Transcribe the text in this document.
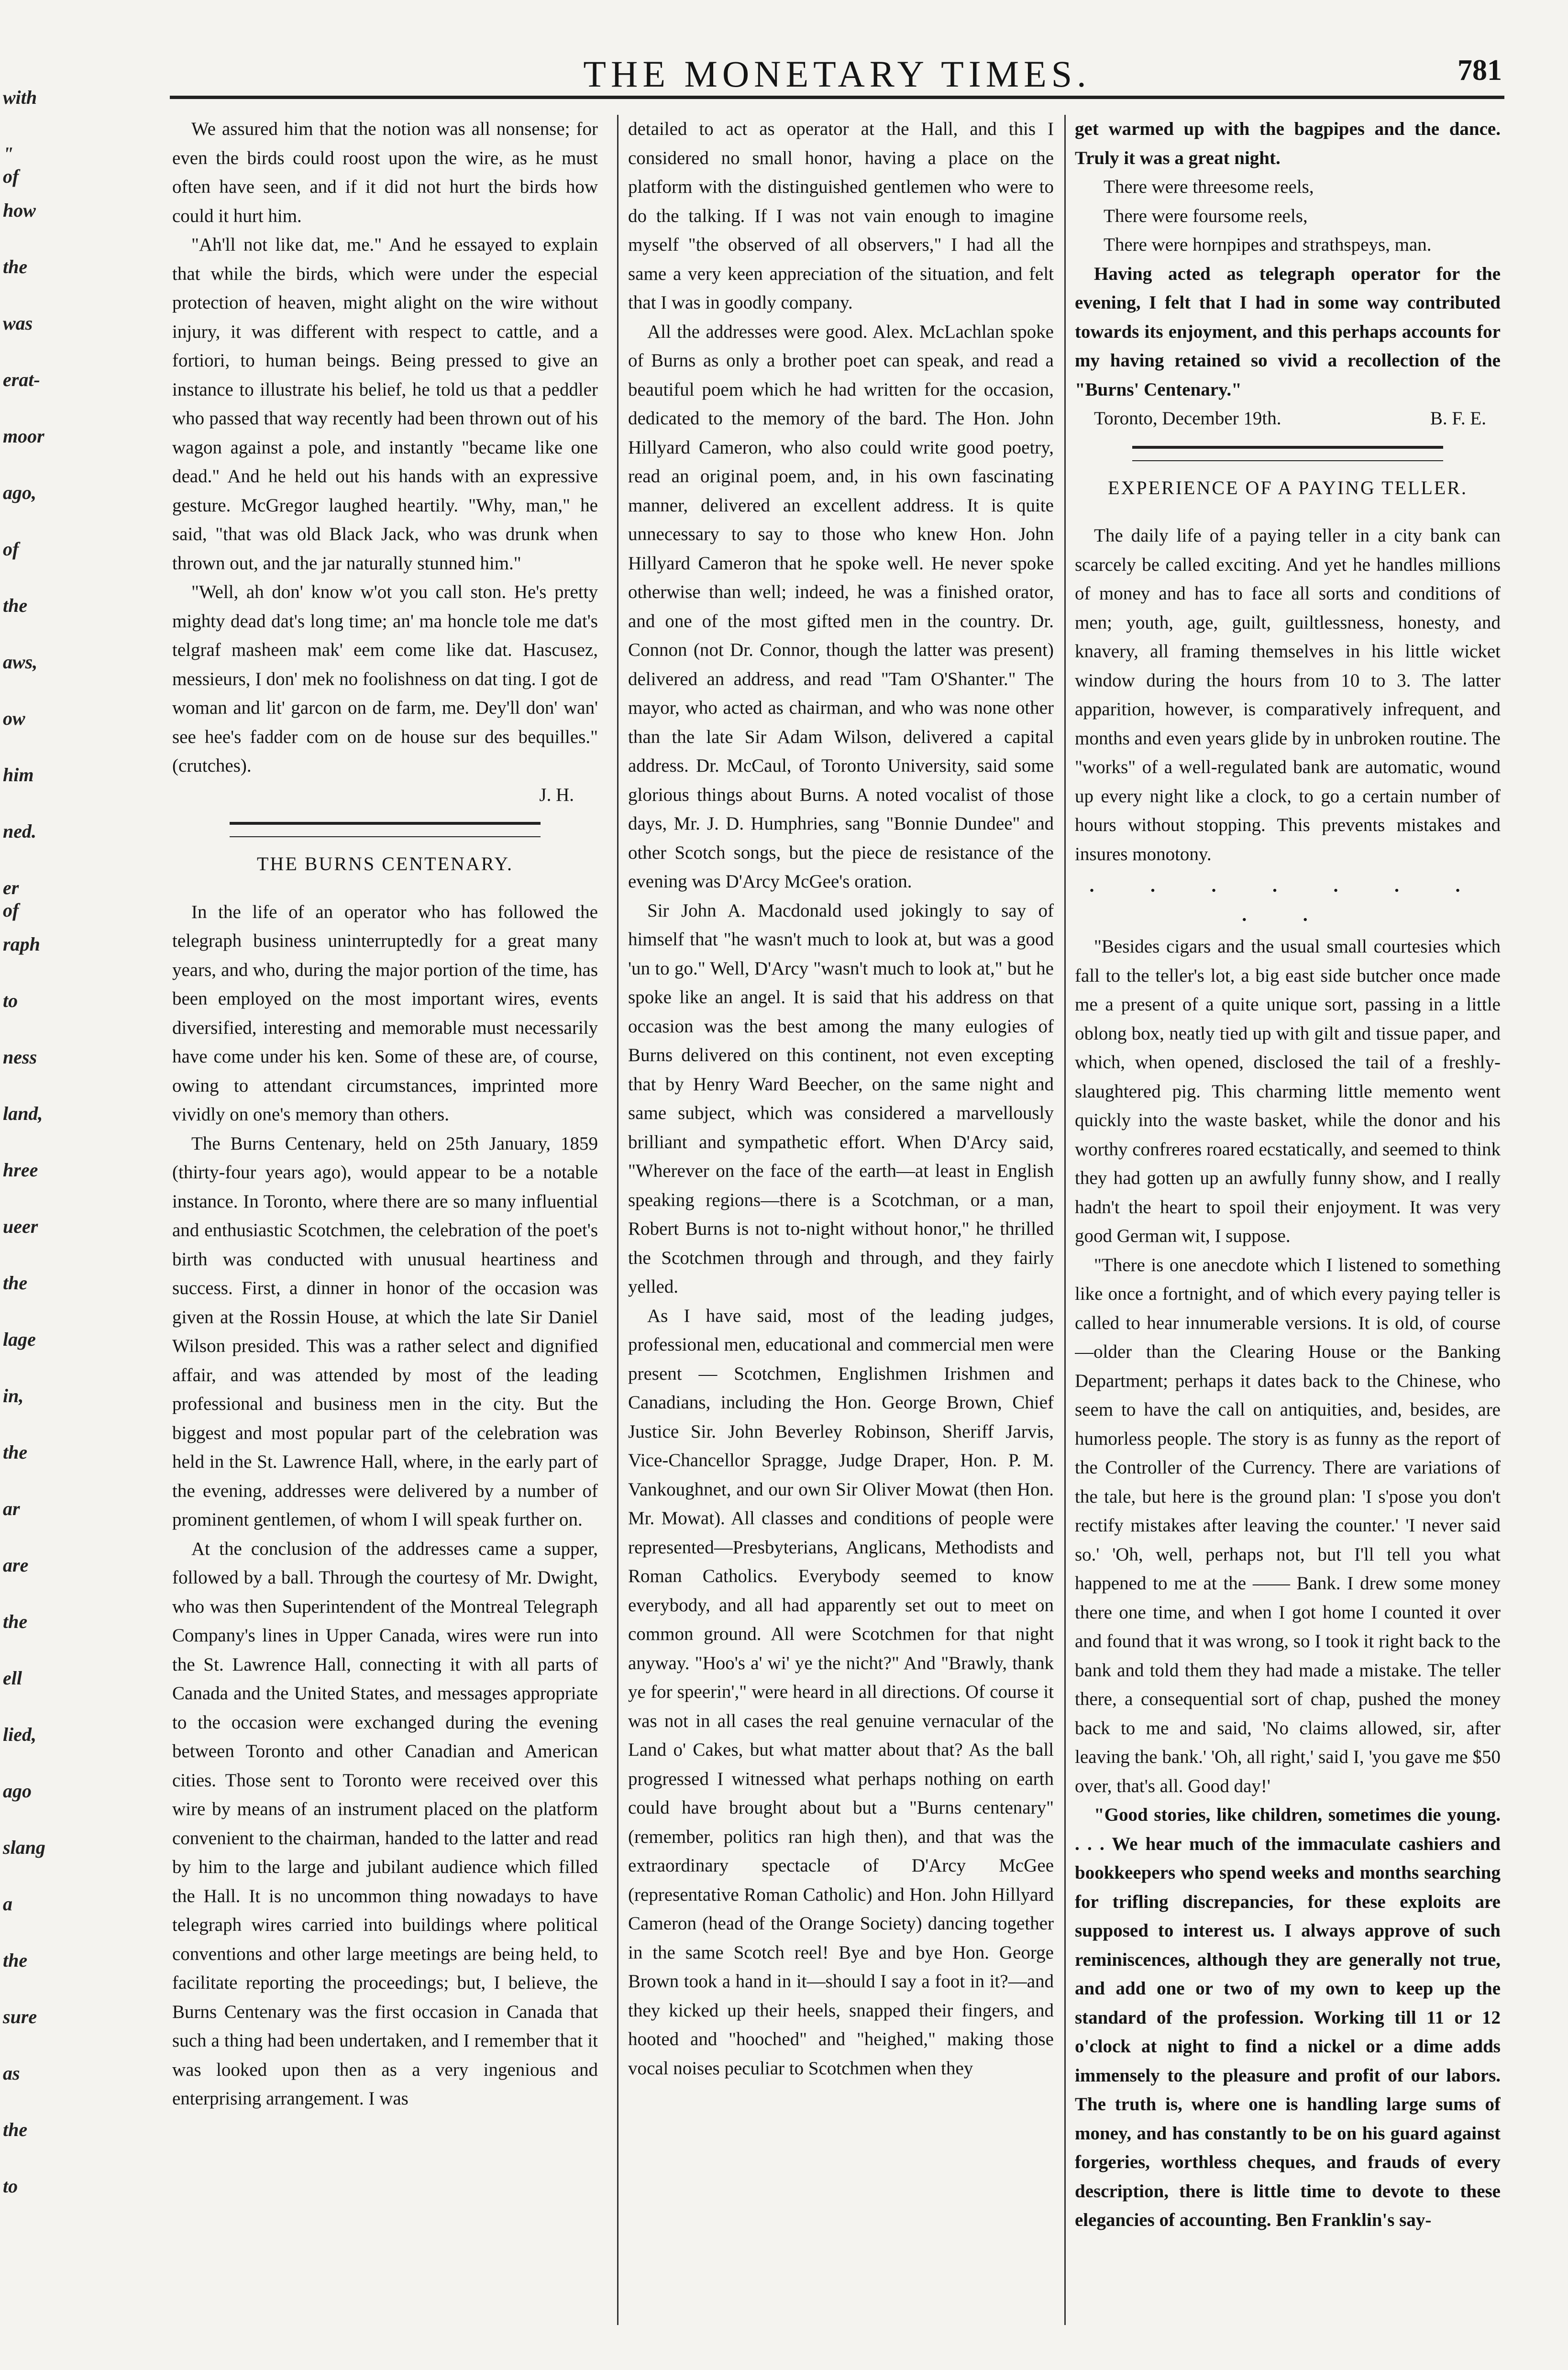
with
" of
how
the
was
erat-
moor
ago,
of
the
aws,
ow
him
ned.
er of
raph
to
ness
land,
hree
ueer
the
lage
in,
the
ar
are
the
ell
lied,
ago
slang
a
the
sure
as
the
to
THE MONETARY TIMES.	781

We assured him that the notion was all nonsense; for even the birds could roost upon the wire, as he must often have seen, and if it did not hurt the birds how could it hurt him.

"Ah'll not like dat, me." And he essayed to explain that while the birds, which were under the especial protection of heaven, might alight on the wire without injury, it was different with respect to cattle, and a fortiori, to human beings. Being pressed to give an instance to illustrate his belief, he told us that a peddler who passed that way recently had been thrown out of his wagon against a pole, and instantly "became like one dead." And he held out his hands with an expressive gesture. McGregor laughed heartily. "Why, man," he said, "that was old Black Jack, who was drunk when thrown out, and the jar naturally stunned him."

"Well, ah don' know w'ot you call ston. He's pretty mighty dead dat's long time; an' ma honcle tole me dat's telgraf masheen mak' eem come like dat. Hascusez, messieurs, I don' mek no foolishness on dat ting. I got de woman and lit' garcon on de farm, me. Dey'll don' wan' see hee's fadder com on de house sur des bequilles." (crutches).

J. H.
THE BURNS CENTENARY.

In the life of an operator who has followed the telegraph business uninterruptedly for a great many years, and who, during the major portion of the time, has been employed on the most important wires, events diversified, interesting and memorable must necessarily have come under his ken. Some of these are, of course, owing to attendant circumstances, imprinted more vividly on one's memory than others.

The Burns Centenary, held on 25th January, 1859 (thirty-four years ago), would appear to be a notable instance. In Toronto, where there are so many influential and enthusiastic Scotchmen, the celebration of the poet's birth was conducted with unusual heartiness and success. First, a dinner in honor of the occasion was given at the Rossin House, at which the late Sir Daniel Wilson presided. This was a rather select and dignified affair, and was attended by most of the leading professional and business men in the city. But the biggest and most popular part of the celebration was held in the St. Lawrence Hall, where, in the early part of the evening, addresses were delivered by a number of prominent gentlemen, of whom I will speak further on.

At the conclusion of the addresses came a supper, followed by a ball. Through the courtesy of Mr. Dwight, who was then Superintendent of the Montreal Telegraph Company's lines in Upper Canada, wires were run into the St. Lawrence Hall, connecting it with all parts of Canada and the United States, and messages appropriate to the occasion were exchanged during the evening between Toronto and other Canadian and American cities. Those sent to Toronto were received over this wire by means of an instrument placed on the platform convenient to the chairman, handed to the latter and read by him to the large and jubilant audience which filled the Hall. It is no uncommon thing nowadays to have telegraph wires carried into buildings where political conventions and other large meetings are being held, to facilitate reporting the proceedings; but, I believe, the Burns Centenary was the first occasion in Canada that such a thing had been undertaken, and I remember that it was looked upon then as a very ingenious and enterprising arrangement. I was

detailed to act as operator at the Hall, and this I considered no small honor, having a place on the platform with the distinguished gentlemen who were to do the talking. If I was not vain enough to imagine myself "the observed of all observers," I had all the same a very keen appreciation of the situation, and felt that I was in goodly company.

All the addresses were good. Alex. McLachlan spoke of Burns as only a brother poet can speak, and read a beautiful poem which he had written for the occasion, dedicated to the memory of the bard. The Hon. John Hillyard Cameron, who also could write good poetry, read an original poem, and, in his own fascinating manner, delivered an excellent address. It is quite unnecessary to say to those who knew Hon. John Hillyard Cameron that he spoke well. He never spoke otherwise than well; indeed, he was a finished orator, and one of the most gifted men in the country. Dr. Connon (not Dr. Connor, though the latter was present) delivered an address, and read "Tam O'Shanter." The mayor, who acted as chairman, and who was none other than the late Sir Adam Wilson, delivered a capital address. Dr. McCaul, of Toronto University, said some glorious things about Burns. A noted vocalist of those days, Mr. J. D. Humphries, sang "Bonnie Dundee" and other Scotch songs, but the piece de resistance of the evening was D'Arcy McGee's oration.

Sir John A. Macdonald used jokingly to say of himself that "he wasn't much to look at, but was a good 'un to go." Well, D'Arcy "wasn't much to look at," but he spoke like an angel. It is said that his address on that occasion was the best among the many eulogies of Burns delivered on this continent, not even excepting that by Henry Ward Beecher, on the same night and same subject, which was considered a marvellously brilliant and sympathetic effort. When D'Arcy said, "Wherever on the face of the earth—at least in English speaking regions—there is a Scotchman, or a man, Robert Burns is not to-night without honor," he thrilled the Scotchmen through and through, and they fairly yelled.

As I have said, most of the leading judges, professional men, educational and commercial men were present — Scotchmen, Englishmen Irishmen and Canadians, including the Hon. George Brown, Chief Justice Sir. John Beverley Robinson, Sheriff Jarvis, Vice-Chancellor Spragge, Judge Draper, Hon. P. M. Vankoughnet, and our own Sir Oliver Mowat (then Hon. Mr. Mowat). All classes and conditions of people were represented—Presbyterians, Anglicans, Methodists and Roman Catholics. Everybody seemed to know everybody, and all had apparently set out to meet on common ground. All were Scotchmen for that night anyway. "Hoo's a' wi' ye the nicht?" And "Brawly, thank ye for speerin'," were heard in all directions. Of course it was not in all cases the real genuine vernacular of the Land o' Cakes, but what matter about that? As the ball progressed I witnessed what perhaps nothing on earth could have brought about but a "Burns centenary" (remember, politics ran high then), and that was the extraordinary spectacle of D'Arcy McGee (representative Roman Catholic) and Hon. John Hillyard Cameron (head of the Orange Society) dancing together in the same Scotch reel! Bye and bye Hon. George Brown took a hand in it—should I say a foot in it?—and they kicked up their heels, snapped their fingers, and hooted and "hooched" and "heighed," making those vocal noises peculiar to Scotchmen when they

get warmed up with the bagpipes and the dance. Truly it was a great night.

There were threesome reels,
There were foursome reels,
There were hornpipes and strathspeys, man.

Having acted as telegraph operator for the evening, I felt that I had in some way contributed towards its enjoyment, and this perhaps accounts for my having retained so vivid a recollection of the "Burns' Centenary."

Toronto, December 19th.	B. F. E.
EXPERIENCE OF A PAYING TELLER.

The daily life of a paying teller in a city bank can scarcely be called exciting. And yet he handles millions of money and has to face all sorts and conditions of men; youth, age, guilt, guiltlessness, honesty, and knavery, all framing themselves in his little wicket window during the hours from 10 to 3. The latter apparition, however, is comparatively infrequent, and months and even years glide by in unbroken routine. The "works" of a well-regulated bank are automatic, wound up every night like a clock, to go a certain number of hours without stopping. This prevents mistakes and insures monotony.

. . . . . . . . .

"Besides cigars and the usual small courtesies which fall to the teller's lot, a big east side butcher once made me a present of a quite unique sort, passing in a little oblong box, neatly tied up with gilt and tissue paper, and which, when opened, disclosed the tail of a freshly-slaughtered pig. This charming little memento went quickly into the waste basket, while the donor and his worthy confreres roared ecstatically, and seemed to think they had gotten up an awfully funny show, and I really hadn't the heart to spoil their enjoyment. It was very good German wit, I suppose.

"There is one anecdote which I listened to something like once a fortnight, and of which every paying teller is called to hear innumerable versions. It is old, of course—older than the Clearing House or the Banking Department; perhaps it dates back to the Chinese, who seem to have the call on antiquities, and, besides, are humorless people. The story is as funny as the report of the Controller of the Currency. There are variations of the tale, but here is the ground plan: 'I s'pose you don't rectify mistakes after leaving the counter.' 'I never said so.' 'Oh, well, perhaps not, but I'll tell you what happened to me at the —— Bank. I drew some money there one time, and when I got home I counted it over and found that it was wrong, so I took it right back to the bank and told them they had made a mistake. The teller there, a consequential sort of chap, pushed the money back to me and said, 'No claims allowed, sir, after leaving the bank.' 'Oh, all right,' said I, 'you gave me $50 over, that's all. Good day!'

"Good stories, like children, sometimes die young. . . . We hear much of the immaculate cashiers and bookkeepers who spend weeks and months searching for trifling discrepancies, for these exploits are supposed to interest us. I always approve of such reminiscences, although they are generally not true, and add one or two of my own to keep up the standard of the profession. Working till 11 or 12 o'clock at night to find a nickel or a dime adds immensely to the pleasure and profit of our labors. The truth is, where one is handling large sums of money, and has constantly to be on his guard against forgeries, worthless cheques, and frauds of every description, there is little time to devote to these elegancies of accounting. Ben Franklin's say-
